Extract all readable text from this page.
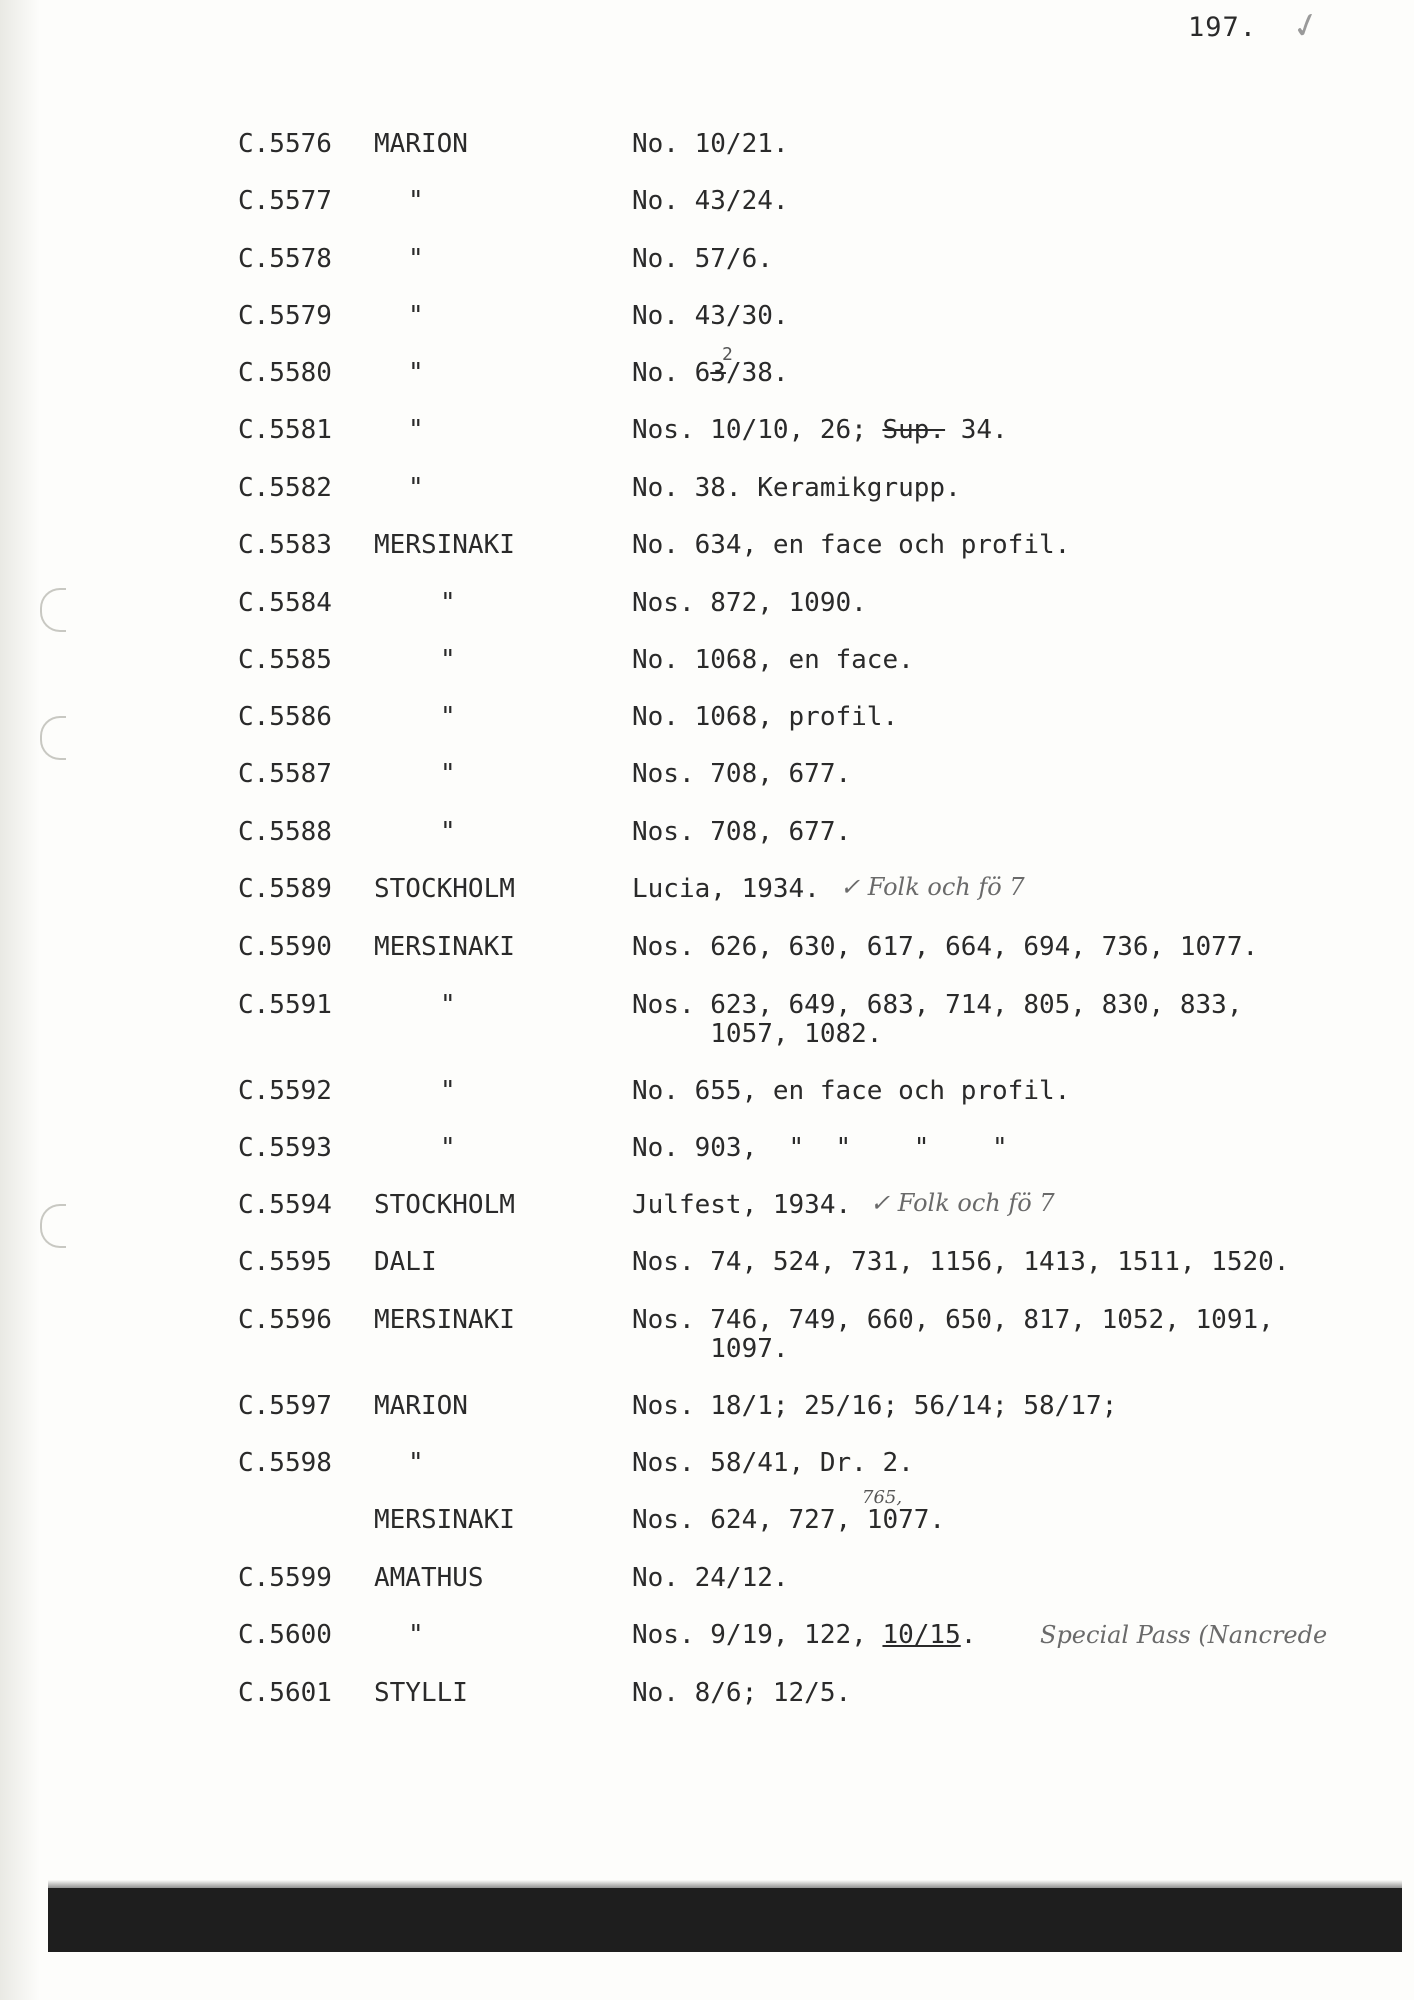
197. ✓
C.5576 MARION	No. 10/21.
C.5577	"	No. 43/24.
C.5578	"	No. 57/6.
C.5579	"	No. 43/30.
C.5580	"	No. 63/38.
2
C.5581	"	Nos. 10/10, 26; Sup. 34.
C.5582	"	No. 38. Keramikgrupp.
C.5583 MERSINAKI	No. 634, en face och profil.
C.5584	"	Nos. 872, 1090.
C.5585	"	No. 1068, en face.
C.5586	"	No. 1068, profil.
C.5587	"	Nos. 708, 677.
C.5588	"	Nos. 708, 677.
C.5589 STOCKHOLM	Lucia, 1934. ✓ Folk och fö 7
C.5590 MERSINAKI	Nos. 626, 630, 617, 664, 694, 736, 1077.
C.5591	"	Nos. 623, 649, 683, 714, 805, 830, 833,
1057, 1082.
C.5592	"	No. 655, en face och profil.
C.5593	"	No. 903,  "  "    "    "
C.5594 STOCKHOLM	Julfest, 1934. ✓ Folk och fö 7
C.5595 DALI	Nos. 74, 524, 731, 1156, 1413, 1511, 1520.
C.5596 MERSINAKI	Nos. 746, 749, 660, 650, 817, 1052, 1091,
1097.
C.5597 MARION	Nos. 18/1; 25/16; 56/14; 58/17;
C.5598	"	Nos. 58/41, Dr. 2.
MERSINAKI	Nos. 624, 727, 1077.
765,
C.5599 AMATHUS	No. 24/12.
C.5600	"	Nos. 9/19, 122, 10/15.	Special Pass (Nancrede
C.5601 STYLLI	No. 8/6; 12/5.
